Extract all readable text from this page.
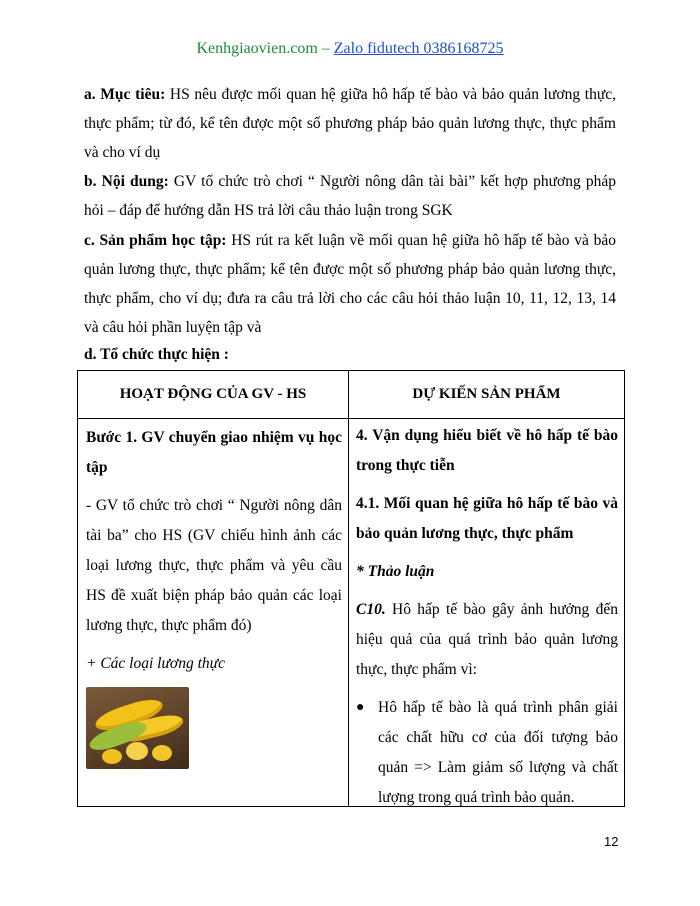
Kenhgiaovien.com – Zalo fidutech 0386168725
a. Mục tiêu: HS nêu được mối quan hệ giữa hô hấp tế bào và bảo quản lương thực, thực phẩm; từ đó, kể tên được một số phương pháp bảo quản lương thực, thực phẩm và cho ví dụ
b. Nội dung: GV tổ chức trò chơi “ Người nông dân tài bài” kết hợp phương pháp hỏi – đáp để hướng dẫn HS trả lời câu thảo luận trong SGK
c. Sản phẩm học tập: HS rút ra kết luận về mối quan hệ giữa hô hấp tế bào và bảo quản lương thực, thực phẩm; kể tên được một số phương pháp bảo quản lương thực, thực phẩm, cho ví dụ; đưa ra câu trả lời cho các câu hỏi thảo luận 10, 11, 12, 13, 14 và câu hỏi phần luyện tập và
d. Tổ chức thực hiện :
HOẠT ĐỘNG CỦA GV - HS	DỰ KIẾN SẢN PHẨM

Bước 1. GV chuyển giao nhiệm vụ học tập

- GV tổ chức trò chơi “ Người nông dân tài ba” cho HS (GV chiếu hình ảnh các loại lương thực, thực phẩm và yêu cầu HS đề xuất biện pháp bảo quản các loại lương thực, thực phẩm đó)

+ Các loại lương thực

4. Vận dụng hiểu biết về hô hấp tế bào trong thực tiễn

4.1. Mối quan hệ giữa hô hấp tế bào và bảo quản lương thực, thực phẩm

* Thảo luận

C10. Hô hấp tế bào gây ảnh hưởng đến hiệu quả của quá trình bảo quản lương thực, thực phẩm vì:

● Hô hấp tế bào là quá trình phân giải các chất hữu cơ của đối tượng bảo quản => Làm giảm số lượng và chất lượng trong quá trình bảo quản.
12
